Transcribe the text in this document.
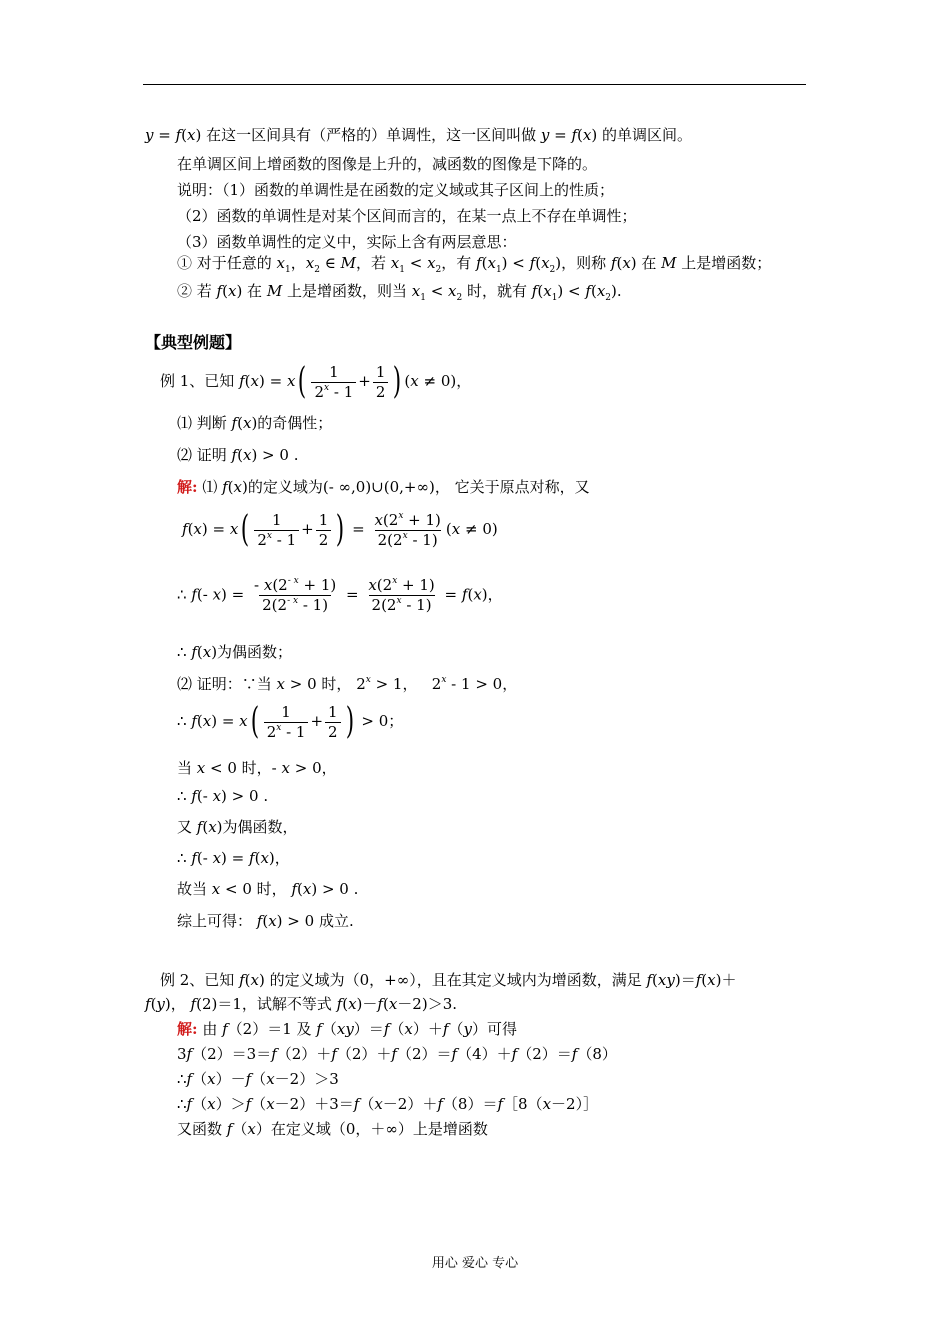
y = f(x) 在这一区间具有（严格的）单调性，这一区间叫做 y = f(x) 的单调区间。
在单调区间上增函数的图像是上升的，减函数的图像是下降的。
说明：（1）函数的单调性是在函数的定义域或其子区间上的性质；
（2）函数的单调性是对某个区间而言的，在某一点上不存在单调性；
（3）函数单调性的定义中，实际上含有两层意思：
① 对于任意的 $x_1$，$x_2$ ∈ M，若 $x_1 < x_2$，有 $f(x_1) < f(x_2)$，则称 f(x) 在 M 上是增函数；
② 若 f(x) 在 M 上是增函数，则当 $x_1 < x_2$ 时，就有 $f(x_1) < f(x_2)$.
【典型例题】
例 1、已知 $f(x) = x( \frac{1}{2^x - 1} + \frac{1}{2}$ ) (x ≠ 0)，
⑴ 判断 f(x)的奇偶性；
⑵ 证明 f(x) > 0 .
解: ⑴ f(x)的定义域为(- ∞,0)∪(0,+∞)， 它关于原点对称，又
$f(x) = x( \frac{1}{2^x - 1} + \frac{1}{2}$ ) = $\frac{x(2^x + 1)}{2(2^x - 1)} (x \ne 0)$
∴ f(- $x) = \frac{- x(2^{- x} + 1)}{2(2^{- x} - 1)} = \frac{x(2^x + 1)}{2(2^x - 1)} = f(x)$，
∴ f(x)为偶函数；
⑵ 证明：∵当 x > 0 时， $2^x > 1$，   2$^x$ - 1 > 0，
∴ $f(x) = x( \frac{1}{2^x - 1} + \frac{1}{2}$ ) > 0；
当 x < 0 时，- x > 0，
∴ f(- x) > 0 .
又 f(x)为偶函数，
∴ f(- x) = f(x)，
故当 x < 0 时， f(x) > 0 .
综上可得： f(x) > 0 成立.
例 2、已知 f(x) 的定义域为（0，+∞），且在其定义域内为增函数，满足 f(xy)＝f(x)＋
f(y)， f(2)＝1，试解不等式 f(x)－f(x－2)＞3.
解: 由 f（2）＝1 及 f（xy）＝f（x）＋f（y）可得
3f（2）＝3＝f（2）＋f（2）＋f（2）＝f（4）＋f（2）＝f（8）
∴f（x）－f（x－2）＞3
∴f（x）＞f（x－2）＋3＝f（x－2）＋f（8）＝f［8（x－2）］
又函数 f（x）在定义域（0，＋∞）上是增函数
用心 爱心 专心
